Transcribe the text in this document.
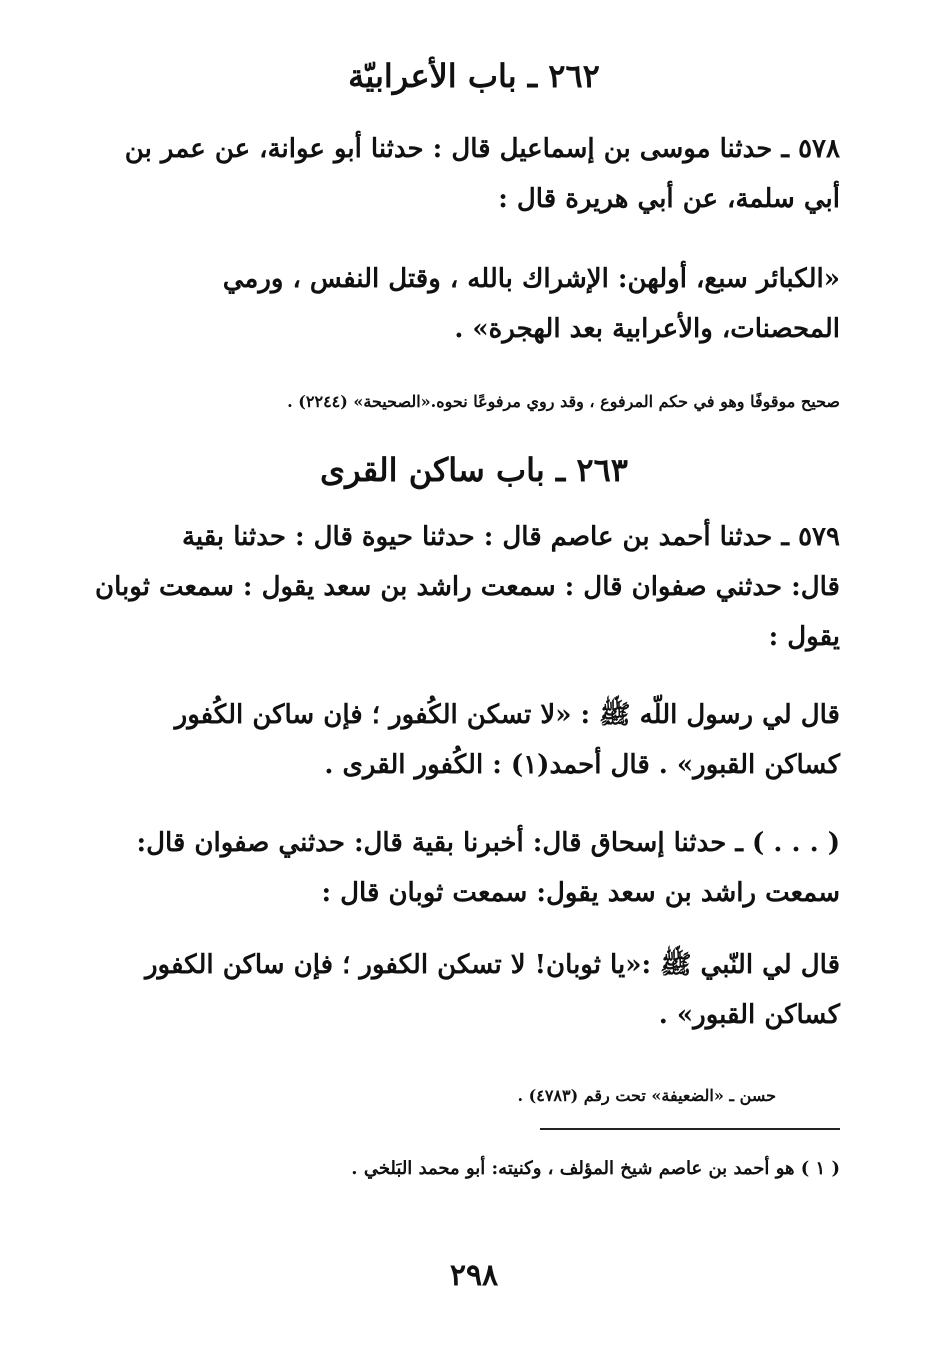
٢٦٢ ـ باب الأعرابيّة
٥٧٨ ـ حدثنا موسى بن إسماعيل قال : حدثنا أبو عوانة، عن عمر بن
أبي سلمة، عن أبي هريرة قال :
«الكبائر سبع، أولهن: الإشراك بالله ، وقتل النفس ، ورمي
المحصنات، والأعرابية بعد الهجرة» .
صحيح موقوفًا وهو في حكم المرفوع ، وقد روي مرفوعًا نحوه.«الصحيحة» (٢٢٤٤) .
٢٦٣ ـ باب ساكن القرى
٥٧٩ ـ حدثنا أحمد بن عاصم قال : حدثنا حيوة قال : حدثنا بقية
قال: حدثني صفوان قال : سمعت راشد بن سعد يقول : سمعت ثوبان
يقول :
قال لي رسول اللّه ﷺ : «لا تسكن الكُفور ؛ فإن ساكن الكُفور
كساكن القبور» . قال أحمد(١) : الكُفور القرى .
( . . . ) ـ حدثنا إسحاق قال: أخبرنا بقية قال: حدثني صفوان قال:
سمعت راشد بن سعد يقول: سمعت ثوبان قال :
قال لي النّبي ﷺ :«يا ثوبان! لا تسكن الكفور ؛ فإن ساكن الكفور
كساكن القبور» .
حسن ـ «الضعيفة» تحت رقم (٤٧٨٣) .
( ١ ) هو أحمد بن عاصم شيخ المؤلف ، وكنيته: أبو محمد البَلخي .
٢٩٨
